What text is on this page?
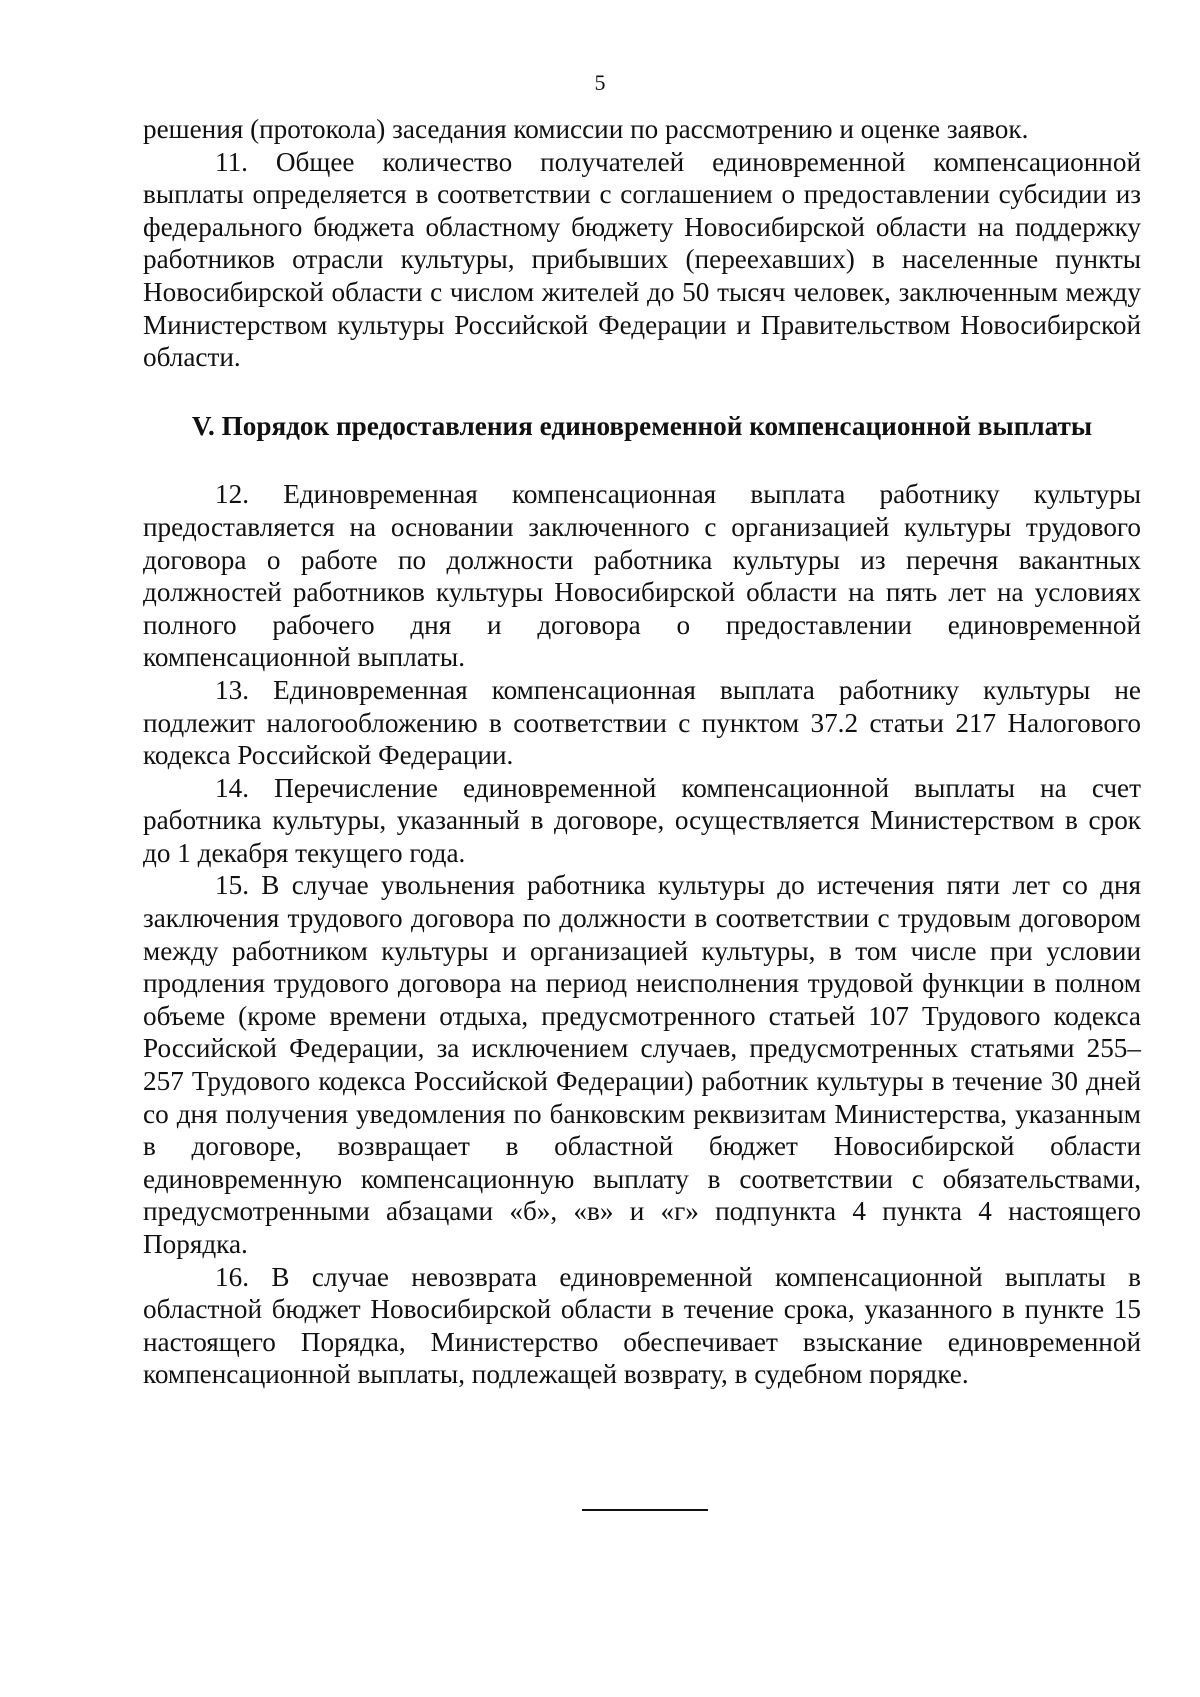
5

решения (протокола) заседания комиссии по рассмотрению и оценке заявок.

11. Общее количество получателей единовременной компенсационной выплаты определяется в соответствии с соглашением о предоставлении субсидии из федерального бюджета областному бюджету Новосибирской области на поддержку работников отрасли культуры, прибывших (переехавших) в населенные пункты Новосибирской области с числом жителей до 50 тысяч человек, заключенным между Министерством культуры Российской Федерации и Правительством Новосибирской области.

V. Порядок предоставления единовременной компенсационной выплаты

12. Единовременная компенсационная выплата работнику культуры предоставляется на основании заключенного с организацией культуры трудового договора о работе по должности работника культуры из перечня вакантных должностей работников культуры Новосибирской области на пять лет на условиях полного рабочего дня и договора о предоставлении единовременной компенсационной выплаты.

13. Единовременная компенсационная выплата работнику культуры не подлежит налогообложению в соответствии с пунктом 37.2 статьи 217 Налогового кодекса Российской Федерации.

14. Перечисление единовременной компенсационной выплаты на счет работника культуры, указанный в договоре, осуществляется Министерством в срок до 1 декабря текущего года.

15. В случае увольнения работника культуры до истечения пяти лет со дня заключения трудового договора по должности в соответствии с трудовым договором между работником культуры и организацией культуры, в том числе при условии продления трудового договора на период неисполнения трудовой функции в полном объеме (кроме времени отдыха, предусмотренного статьей 107 Трудового кодекса Российской Федерации, за исключением случаев, предусмотренных статьями 255–257 Трудового кодекса Российской Федерации) работник культуры в течение 30 дней со дня получения уведомления по банковским реквизитам Министерства, указанным в договоре, возвращает в областной бюджет Новосибирской области единовременную компенсационную выплату в соответствии с обязательствами, предусмотренными абзацами «б», «в» и «г» подпункта 4 пункта 4 настоящего Порядка.

16. В случае невозврата единовременной компенсационной выплаты в областной бюджет Новосибирской области в течение срока, указанного в пункте 15 настоящего Порядка, Министерство обеспечивает взыскание единовременной компенсационной выплаты, подлежащей возврату, в судебном порядке.
